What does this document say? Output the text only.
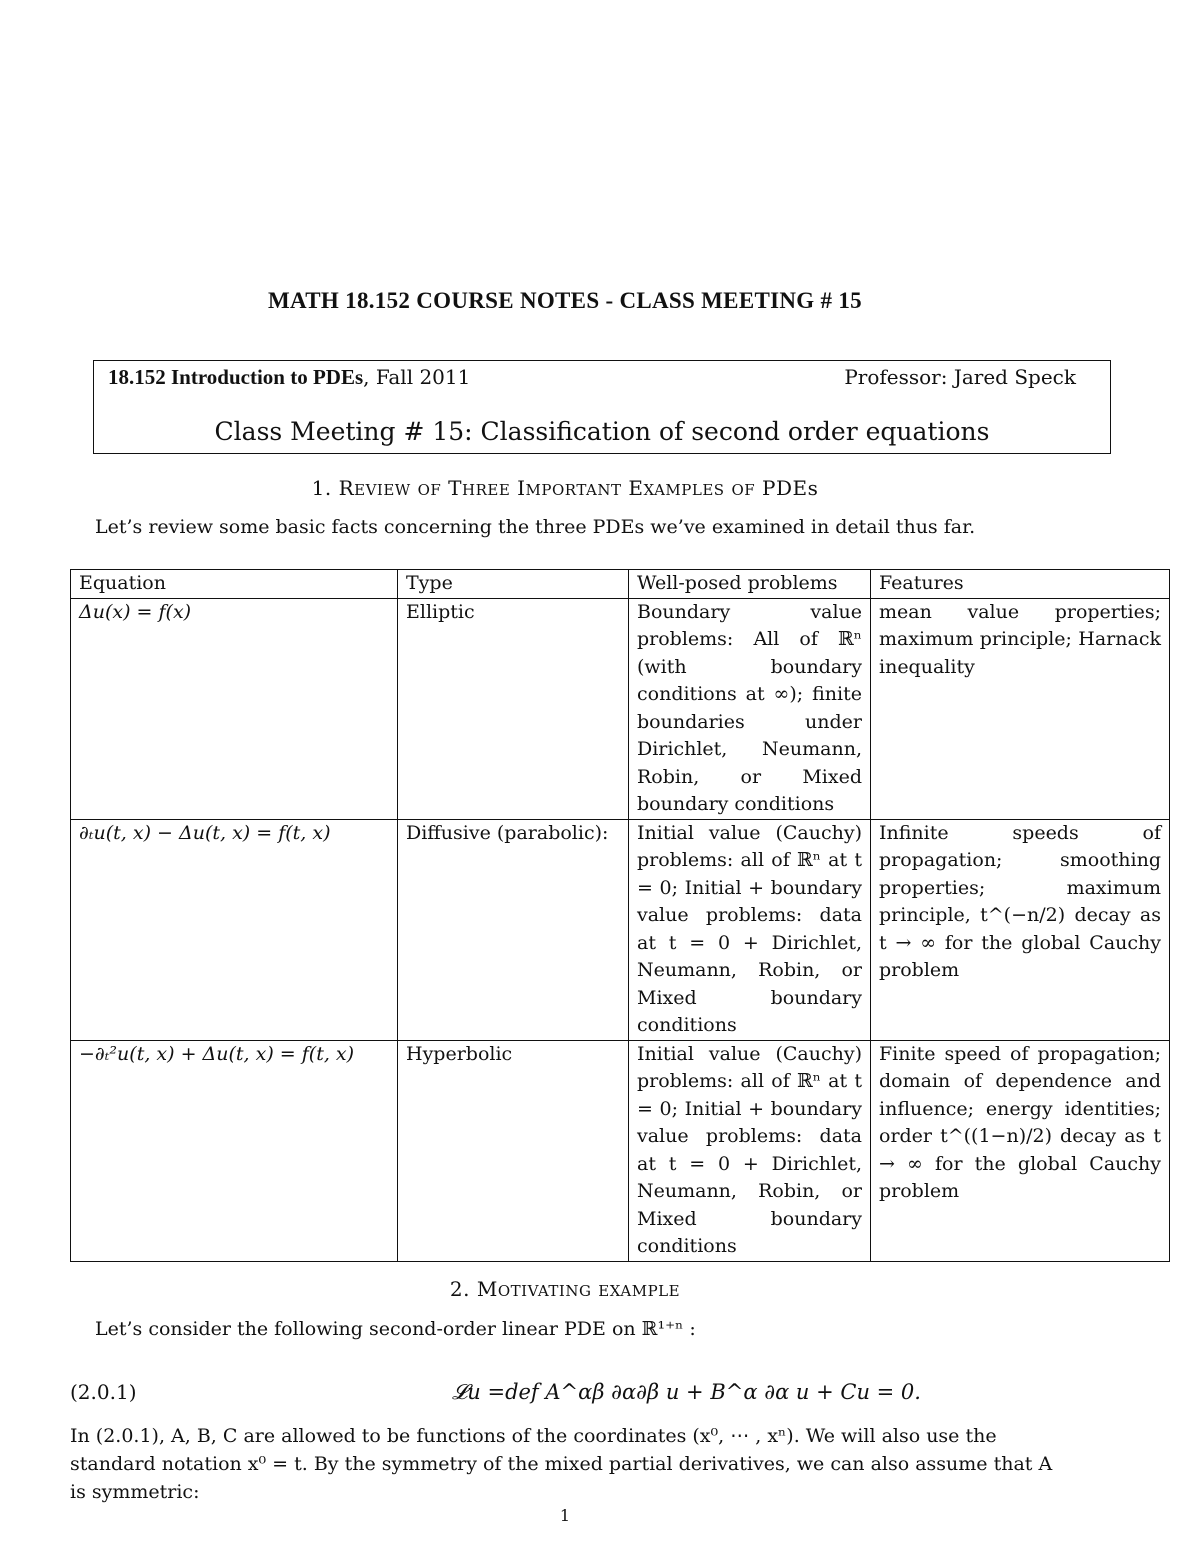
MATH 18.152 COURSE NOTES - CLASS MEETING # 15
18.152 Introduction to PDEs, Fall 2011	Professor: Jared Speck
Class Meeting # 15: Classification of second order equations
1. REVIEW OF THREE IMPORTANT EXAMPLES OF PDEs
Let’s review some basic facts concerning the three PDEs we’ve examined in detail thus far.
Equation	Type	Well-posed problems	Features
Δu(x) = f(x)	Elliptic	Boundary value problems: All of ℝⁿ (with boundary conditions at ∞); finite boundaries under Dirichlet, Neumann, Robin, or Mixed boundary conditions	mean value properties; maximum principle; Harnack inequality
∂ₜu(t, x) − Δu(t, x) = f(t, x)	Diffusive (parabolic):	Initial value (Cauchy) problems: all of ℝⁿ at t = 0; Initial + boundary value problems: data at t = 0 + Dirichlet, Neumann, Robin, or Mixed boundary conditions	Infinite speeds of propagation; smoothing properties; maximum principle, t^(−n/2) decay as t → ∞ for the global Cauchy problem
−∂ₜ²u(t, x) + Δu(t, x) = f(t, x)	Hyperbolic	Initial value (Cauchy) problems: all of ℝⁿ at t = 0; Initial + boundary value problems: data at t = 0 + Dirichlet, Neumann, Robin, or Mixed boundary conditions	Finite speed of propagation; domain of dependence and influence; energy identities; order t^((1−n)/2) decay as t → ∞ for the global Cauchy problem
2. MOTIVATING EXAMPLE
Let’s consider the following second-order linear PDE on ℝ¹⁺ⁿ :
(2.0.1)	𝓛u =def A^αβ ∂α∂β u + B^α ∂α u + Cu = 0.
In (2.0.1), A, B, C are allowed to be functions of the coordinates (x⁰, ⋯ , xⁿ). We will also use the standard notation x⁰ = t. By the symmetry of the mixed partial derivatives, we can also assume that A is symmetric:
1
